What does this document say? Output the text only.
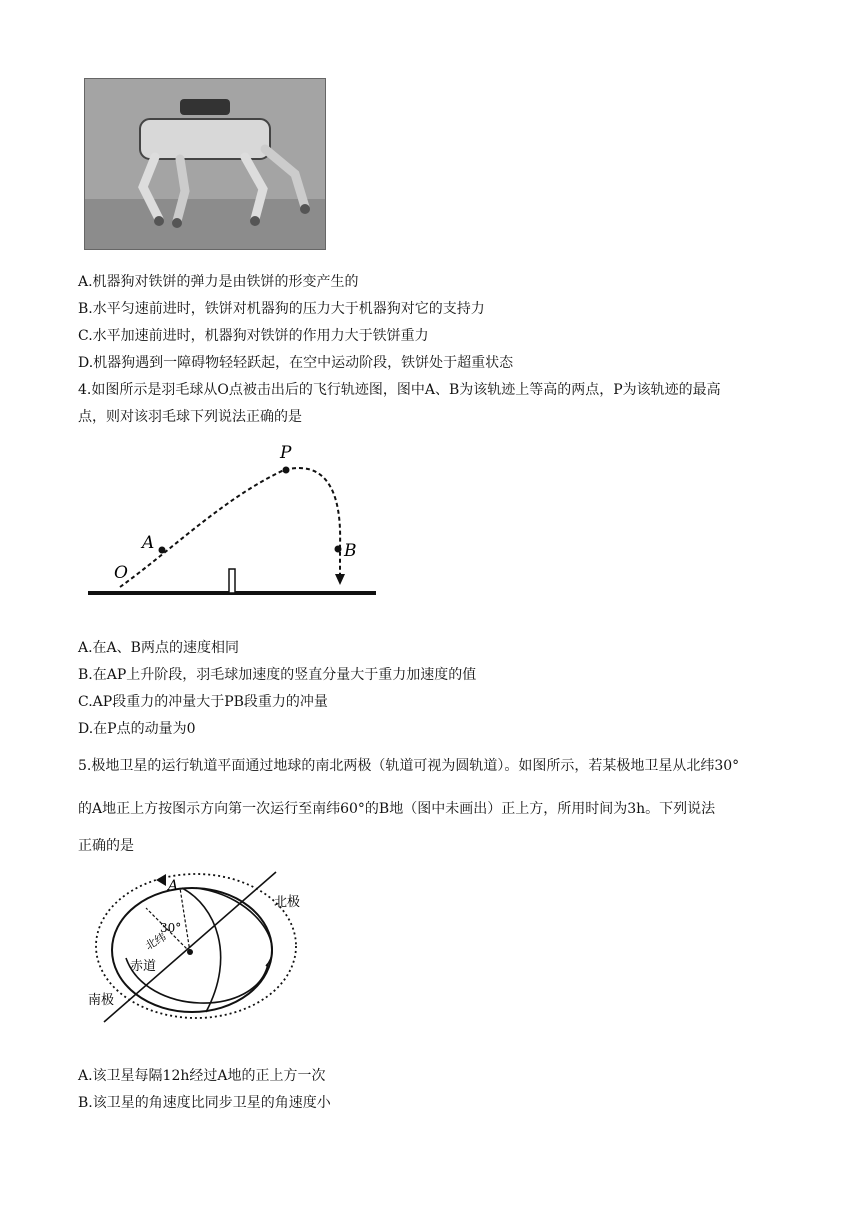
A.机器狗对铁饼的弹力是由铁饼的形变产生的
B.水平匀速前进时，铁饼对机器狗的压力大于机器狗对它的支持力
C.水平加速前进时，机器狗对铁饼的作用力大于铁饼重力
D.机器狗遇到一障碍物轻轻跃起，在空中运动阶段，铁饼处于超重状态
4.如图所示是羽毛球从O点被击出后的飞行轨迹图，图中A、B为该轨迹上等高的两点，P为该轨迹的最高
点，则对该羽毛球下列说法正确的是
P
A	B
O
A.在A、B两点的速度相同
B.在AP上升阶段，羽毛球加速度的竖直分量大于重力加速度的值
C.AP段重力的冲量大于PB段重力的冲量
D.在P点的动量为0
5.极地卫星的运行轨道平面通过地球的南北两极（轨道可视为圆轨道）。如图所示，若某极地卫星从北纬30°
的A地正上方按图示方向第一次运行至南纬60°的B地（图中未画出）正上方，所用时间为3h。下列说法
正确的是
A
30°
北纬
赤道
北极
南极
A.该卫星每隔12h经过A地的正上方一次
B.该卫星的角速度比同步卫星的角速度小
